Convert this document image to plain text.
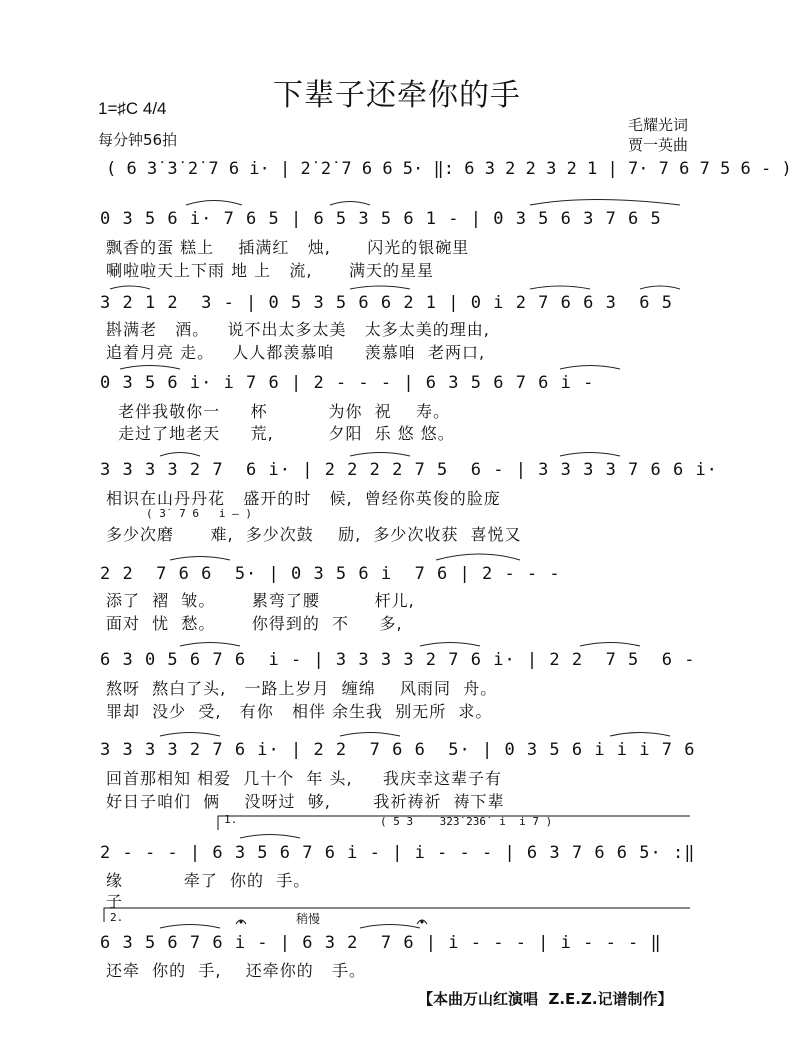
下辈子还牵你的手
1=♯C 4/4
每分钟56拍
毛耀光词
贾一英曲
( 6 3̇ 3̇ 2̇ 7 6 i· | 2̇ 2̇ 7 6 6 5· ‖: 6 3 2 2 3 2 1 | 7· 7 6 7 5 6 - )
0 3 5 6 i· 7 6 5 | 6 5 3 5 6 1 - | 0 3 5 6 3 7 6 5
飘香的蛋 糕上    插满红   烛,      闪光的银碗里
唰啦啦天上下雨 地 上   流,      满天的星星
3 2 1 2  3 - | 0 5 3 5 6 6 2 1 | 0 i 2 7 6 6 3  6 5
斟满老   酒。   说不出太多太美   太多太美的理由,
追着月亮 走。   人人都羡慕咱     羡慕咱  老两口,
0 3 5 6 i· i 7 6 | 2 - - - | 6 3 5 6 7 6 i -
老伴我敬你一     杯          为你  祝    寿。
走过了地老天     荒,         夕阳  乐 悠 悠。
3 3 3 3 2 7  6 i· | 2 2 2 2 7 5  6 - | 3 3 3 3 7 6 6 i·
相识在山丹丹花   盛开的时   候,  曾经你英俊的脸庞
( 3̇  7 6   i — )
多少次磨      难,  多少次鼓    励,  多少次收获  喜悦又
2 2  7 6 6  5· | 0 3 5 6 i  7 6 | 2 - - -
添了  褶  皱。      累弯了腰         杆儿,
面对  忧  愁。      你得到的  不     多,
6 3 0 5 6 7 6  i - | 3 3 3 3 2 7 6 i· | 2 2  7 5  6 -
熬呀  熬白了头,   一路上岁月  缠绵    风雨同  舟。
罪却  没少  受,   有你   相伴 余生我  别无所  求。
3 3 3 3 2 7 6 i· | 2 2  7 6 6  5· | 0 3 5 6 i i i 7 6
回首那相知 相爱  几十个  年 头,     我庆幸这辈子有
好日子咱们  俩    没呀过  够,       我祈祷祈  祷下辈
1.	( 5 3    3̇2̇3̇ 2̇3̇6̇  i  i 7 )
2 - - - | 6 3 5 6 7 6 i - | i - - - | 6 3 7 6 6 5· :‖
缘          牵了  你的  手。
子
2.	稍慢
6 3 5 6 7 6 i - | 6 3 2  7 6 | i - - - | i - - - ‖
还牵  你的  手,    还牵你的   手。
【本曲万山红演唱  Z.E.Z.记谱制作】
